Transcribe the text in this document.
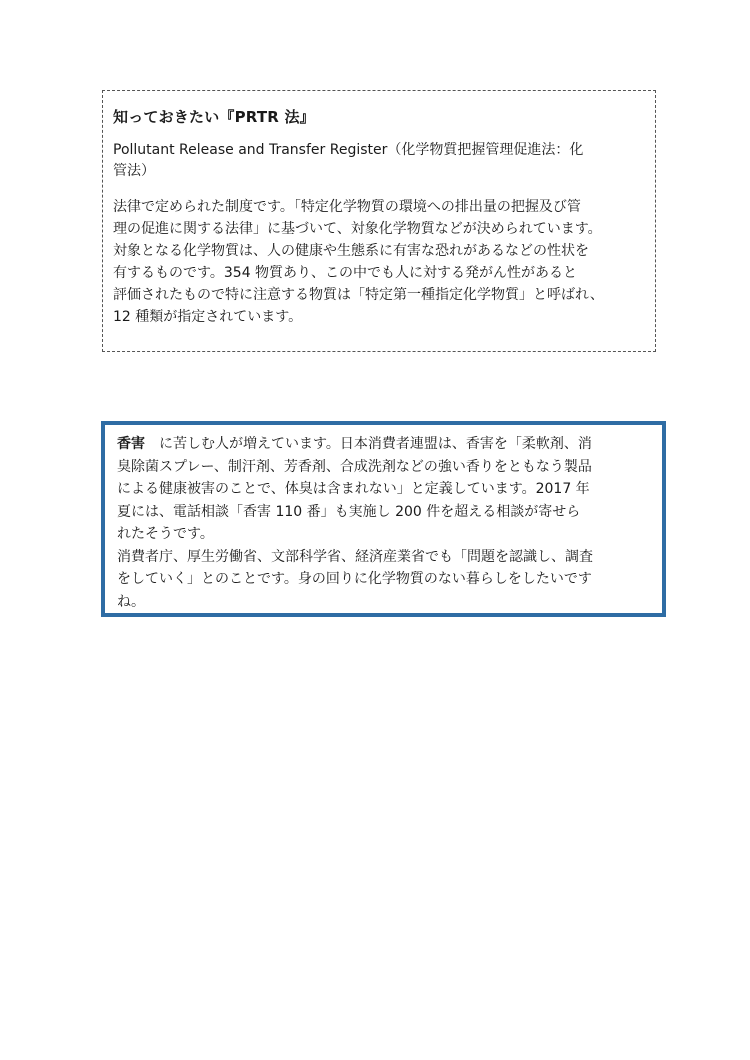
知っておきたい『PRTR 法』
Pollutant Release and Transfer Register（化学物質把握管理促進法：化
管法）
法律で定められた制度です。「特定化学物質の環境への排出量の把握及び管
理の促進に関する法律」に基づいて、対象化学物質などが決められています。
対象となる化学物質は、人の健康や生態系に有害な恐れがあるなどの性状を
有するものです。354 物質あり、この中でも人に対する発がん性があると
評価されたもので特に注意する物質は「特定第一種指定化学物質」と呼ばれ、
12 種類が指定されています。
香害　に苦しむ人が増えています。日本消費者連盟は、香害を「柔軟剤、消
臭除菌スプレー、制汗剤、芳香剤、合成洗剤などの強い香りをともなう製品
による健康被害のことで、体臭は含まれない」と定義しています。2017 年
夏には、電話相談「香害 110 番」も実施し 200 件を超える相談が寄せら
れたそうです。
消費者庁、厚生労働省、文部科学省、経済産業省でも「問題を認識し、調査
をしていく」とのことです。身の回りに化学物質のない暮らしをしたいです
ね。
